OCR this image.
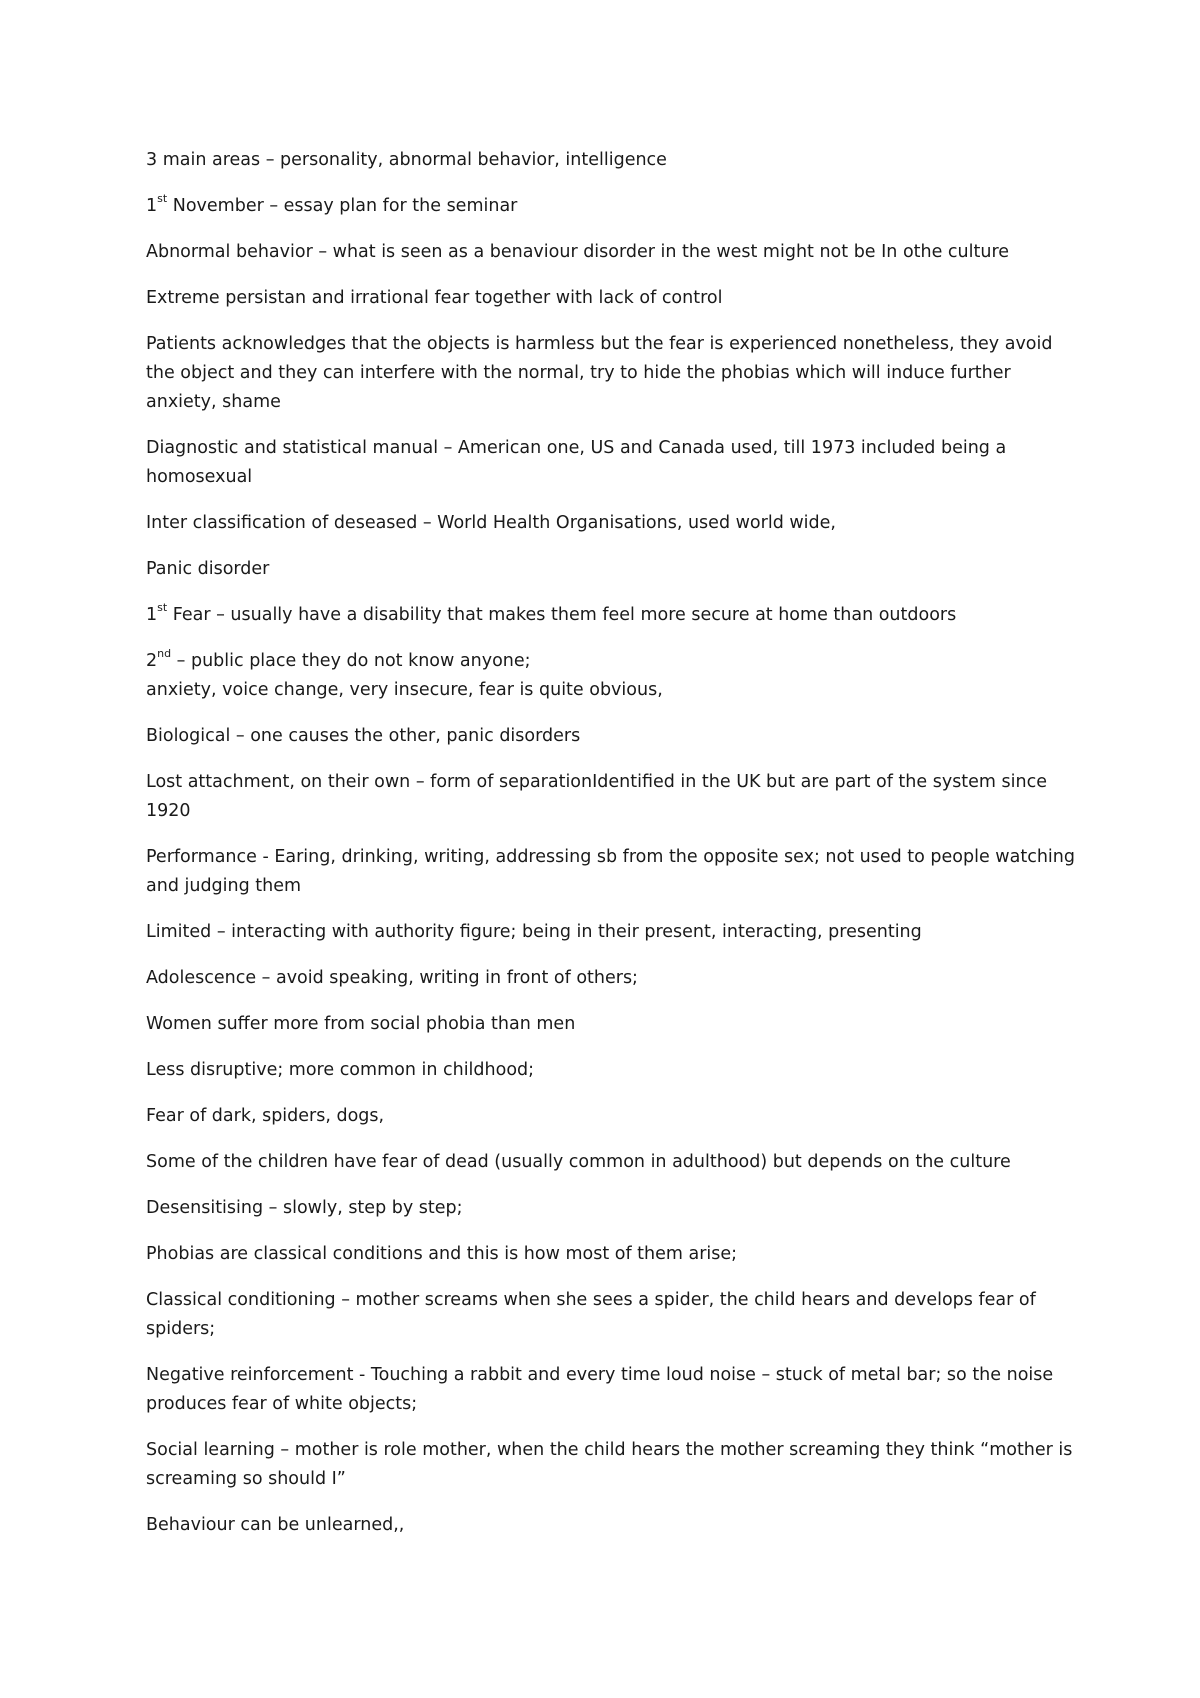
3 main areas – personality, abnormal behavior, intelligence

1st November – essay plan for the seminar

Abnormal behavior – what is seen as a benaviour disorder in the west might not be In othe culture

Extreme persistan and irrational fear together with lack of control

Patients acknowledges that the objects is harmless but the fear is experienced nonetheless, they avoid the object and they can interfere with the normal, try to hide the phobias which will induce further anxiety, shame

Diagnostic and statistical manual – American one, US and Canada used, till 1973 included being a homosexual

Inter classification of deseased – World Health Organisations, used world wide,

Panic disorder

1st Fear – usually have a disability that makes them feel more secure at home than outdoors

2nd – public place they do not know anyone;
anxiety, voice change, very insecure, fear is quite obvious,

Biological – one causes the other, panic disorders

Lost attachment, on their own – form of separationIdentified in the UK but are part of the system since 1920

Performance - Earing, drinking, writing, addressing sb from the opposite sex; not used to people watching and judging them

Limited – interacting with authority figure; being in their present, interacting, presenting

Adolescence – avoid speaking, writing in front of others;

Women suffer more from social phobia than men

Less disruptive; more common in childhood;

Fear of dark, spiders, dogs,

Some of the children have fear of dead (usually common in adulthood) but depends on the culture

Desensitising – slowly, step by step;

Phobias are classical conditions and this is how most of them arise;

Classical conditioning – mother screams when she sees a spider, the child hears and develops fear of spiders;

Negative reinforcement - Touching a rabbit and every time loud noise – stuck of metal bar; so the noise produces fear of white objects;

Social learning – mother is role mother, when the child hears the mother screaming they think “mother is screaming so should I”

Behaviour can be unlearned,,
